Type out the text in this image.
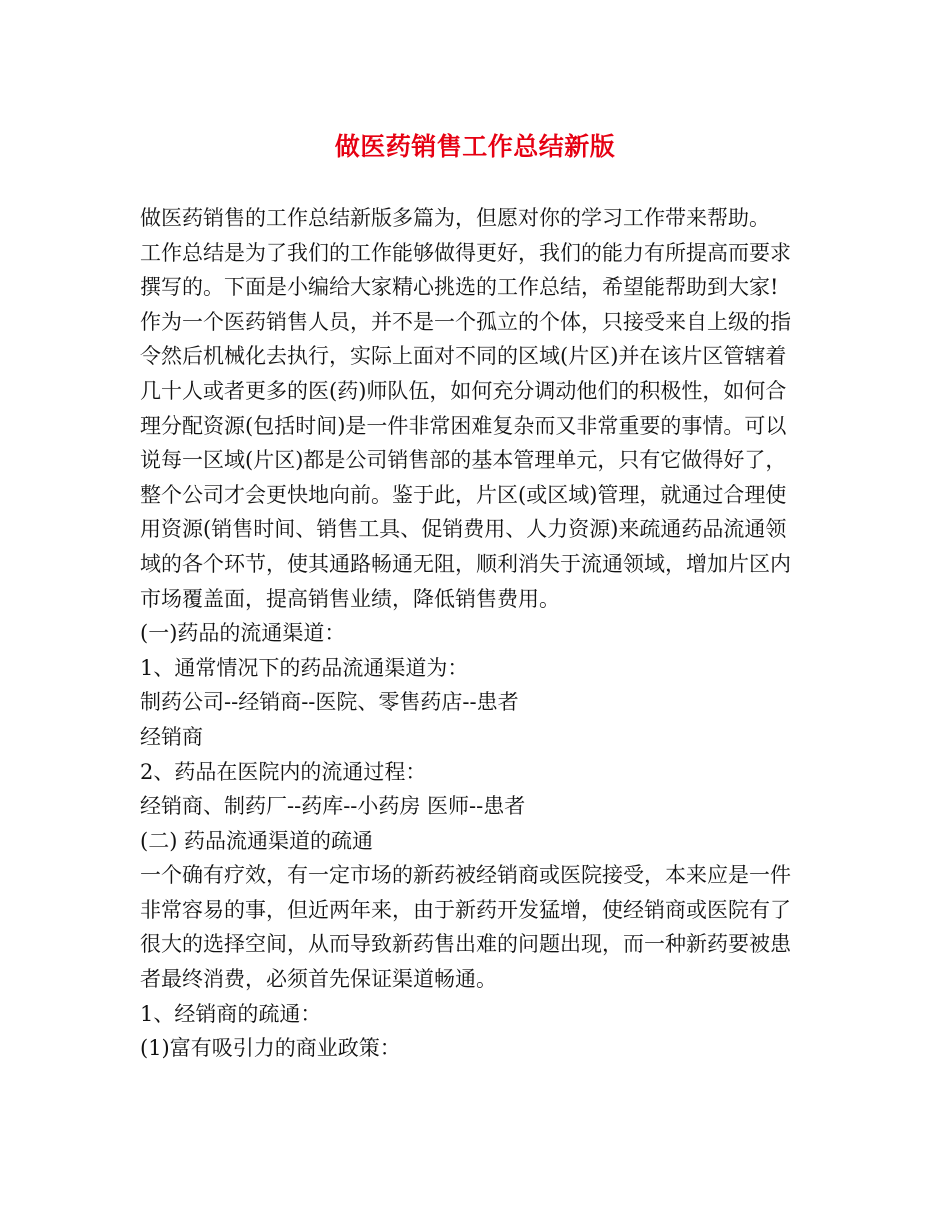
做医药销售工作总结新版
做医药销售的工作总结新版多篇为，但愿对你的学习工作带来帮助。
工作总结是为了我们的工作能够做得更好，我们的能力有所提高而要求
撰写的。下面是小编给大家精心挑选的工作总结，希望能帮助到大家!
作为一个医药销售人员，并不是一个孤立的个体，只接受来自上级的指
令然后机械化去执行，实际上面对不同的区域(片区)并在该片区管辖着
几十人或者更多的医(药)师队伍，如何充分调动他们的积极性，如何合
理分配资源(包括时间)是一件非常困难复杂而又非常重要的事情。可以
说每一区域(片区)都是公司销售部的基本管理单元，只有它做得好了，
整个公司才会更快地向前。鉴于此，片区(或区域)管理，就通过合理使
用资源(销售时间、销售工具、促销费用、人力资源)来疏通药品流通领
域的各个环节，使其通路畅通无阻，顺利消失于流通领域，增加片区内
市场覆盖面，提高销售业绩，降低销售费用。
(一)药品的流通渠道：
1、通常情况下的药品流通渠道为：
制药公司--经销商--医院、零售药店--患者
经销商
2、药品在医院内的流通过程：
经销商、制药厂--药库--小药房 医师--患者
(二) 药品流通渠道的疏通
一个确有疗效，有一定市场的新药被经销商或医院接受，本来应是一件
非常容易的事，但近两年来，由于新药开发猛增，使经销商或医院有了
很大的选择空间，从而导致新药售出难的问题出现，而一种新药要被患
者最终消费，必须首先保证渠道畅通。
1、经销商的疏通：
(1)富有吸引力的商业政策：
